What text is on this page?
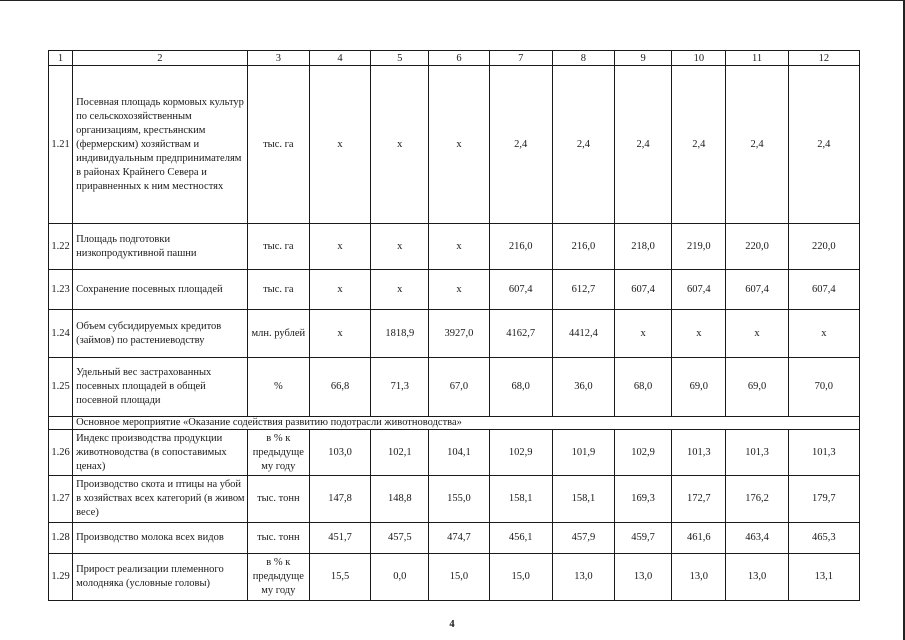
1	2	3	4	5	6	7	8	9	10	11	12
1.21	Посевная площадь кормовых культур по сельскохозяйственным организациям, крестьянским (фермерским) хозяйствам и индивидуальным предпринимателям в районах Крайнего Севера и приравненных к ним местностях	тыс. га	x	x	x	2,4	2,4	2,4	2,4	2,4	2,4
1.22	Площадь подготовки низкопродуктивной пашни	тыс. га	x	x	x	216,0	216,0	218,0	219,0	220,0	220,0
1.23	Сохранение посевных площадей	тыс. га	x	x	x	607,4	612,7	607,4	607,4	607,4	607,4
1.24	Объем субсидируемых кредитов (займов) по растениеводству	млн. рублей	x	1818,9	3927,0	4162,7	4412,4	x	x	x	x
1.25	Удельный вес застрахованных посевных площадей в общей посевной площади	%	66,8	71,3	67,0	68,0	36,0	68,0	69,0	69,0	70,0
	Основное мероприятие «Оказание содействия развитию подотрасли животноводства»										
1.26	Индекс производства продукции животноводства (в сопоставимых ценах)	в % к предыдуще му году	103,0	102,1	104,1	102,9	101,9	102,9	101,3	101,3	101,3
1.27	Производство скота и птицы на убой в хозяйствах всех категорий (в живом весе)	тыс. тонн	147,8	148,8	155,0	158,1	158,1	169,3	172,7	176,2	179,7
1.28	Производство молока всех видов	тыс. тонн	451,7	457,5	474,7	456,1	457,9	459,7	461,6	463,4	465,3
1.29	Прирост реализации племенного молодняка (условные головы)	в % к предыдуще му году	15,5	0,0	15,0	15,0	13,0	13,0	13,0	13,0	13,1
4
